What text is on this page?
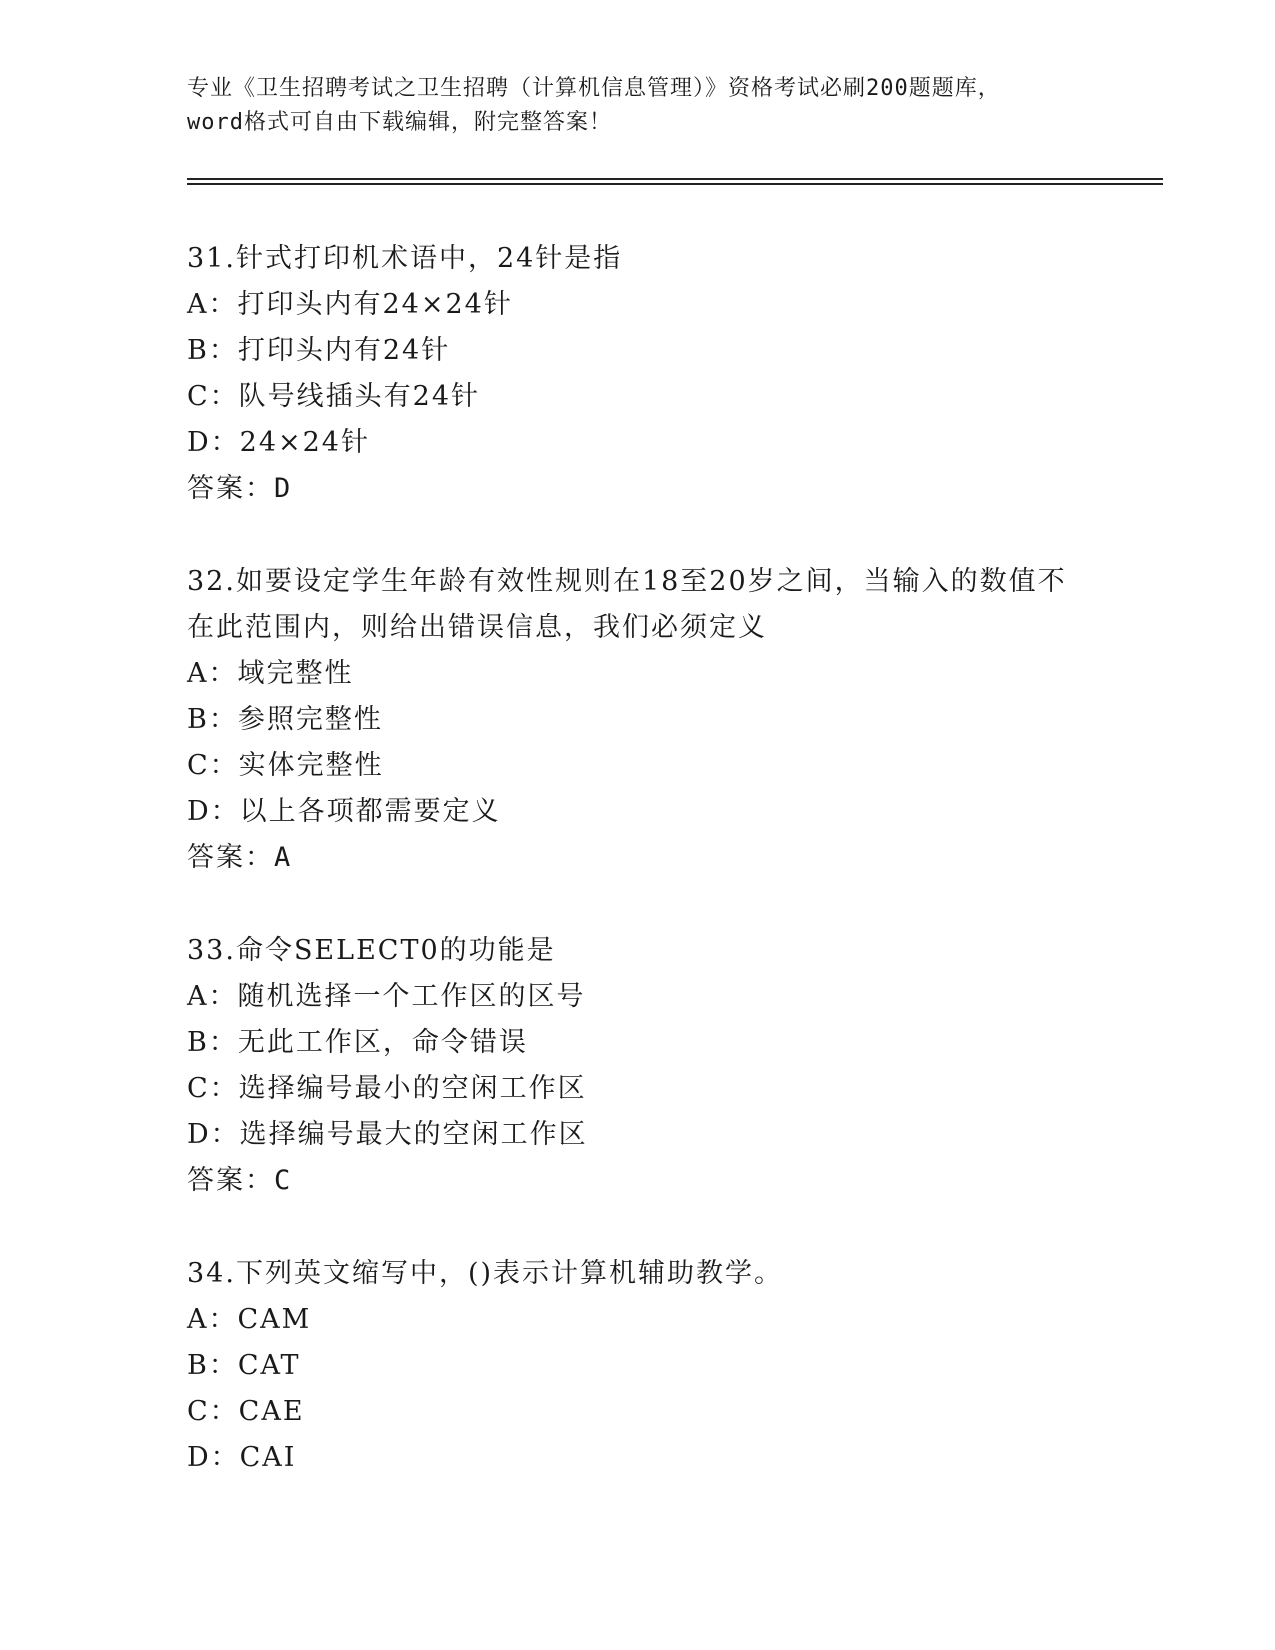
专业《卫生招聘考试之卫生招聘（计算机信息管理）》资格考试必刷200题题库，
word格式可自由下载编辑，附完整答案！
31.针式打印机术语中，24针是指
A：打印头内有24×24针
B：打印头内有24针
C：队号线插头有24针
D：24×24针
答案：D
32.如要设定学生年龄有效性规则在18至20岁之间，当输入的数值不
在此范围内，则给出错误信息，我们必须定义
A：域完整性
B：参照完整性
C：实体完整性
D：以上各项都需要定义
答案：A
33.命令SELECT0的功能是
A：随机选择一个工作区的区号
B：无此工作区，命令错误
C：选择编号最小的空闲工作区
D：选择编号最大的空闲工作区
答案：C
34.下列英文缩写中，()表示计算机辅助教学。
A：CAM
B：CAT
C：CAE
D：CAI
